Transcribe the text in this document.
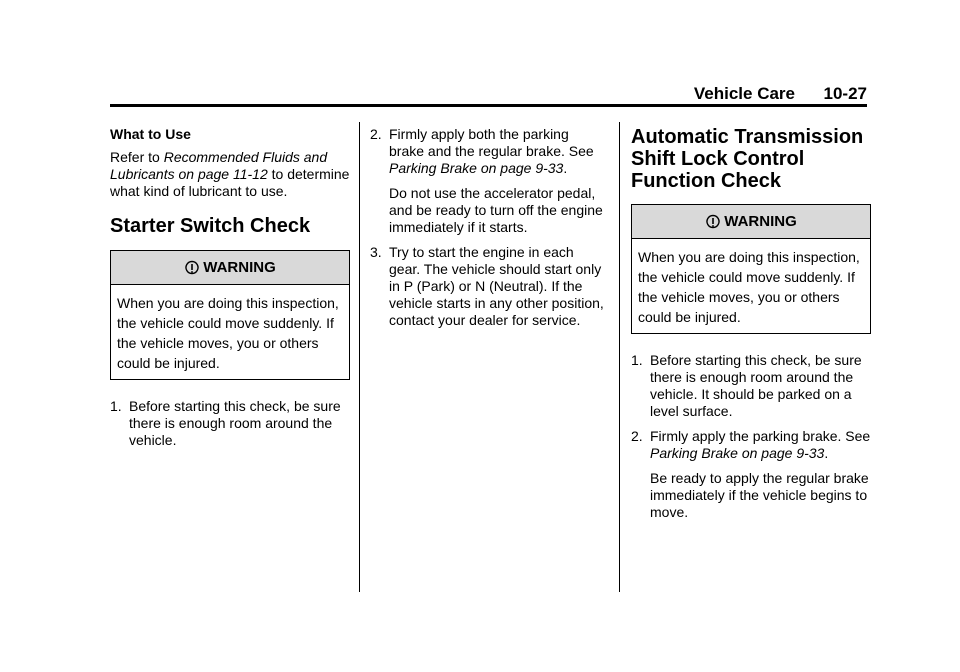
Vehicle Care 10-27
What to Use
Refer to Recommended Fluids and Lubricants on page 11-12 to determine what kind of lubricant to use.
Starter Switch Check
WARNING
When you are doing this inspection, the vehicle could move suddenly. If the vehicle moves, you or others could be injured.
1. Before starting this check, be sure there is enough room around the vehicle.
2. Firmly apply both the parking brake and the regular brake. See Parking Brake on page 9-33.
Do not use the accelerator pedal, and be ready to turn off the engine immediately if it starts.
3. Try to start the engine in each gear. The vehicle should start only in P (Park) or N (Neutral). If the vehicle starts in any other position, contact your dealer for service.
Automatic Transmission Shift Lock Control Function Check
WARNING
When you are doing this inspection, the vehicle could move suddenly. If the vehicle moves, you or others could be injured.
1. Before starting this check, be sure there is enough room around the vehicle. It should be parked on a level surface.
2. Firmly apply the parking brake. See Parking Brake on page 9-33.
Be ready to apply the regular brake immediately if the vehicle begins to move.
